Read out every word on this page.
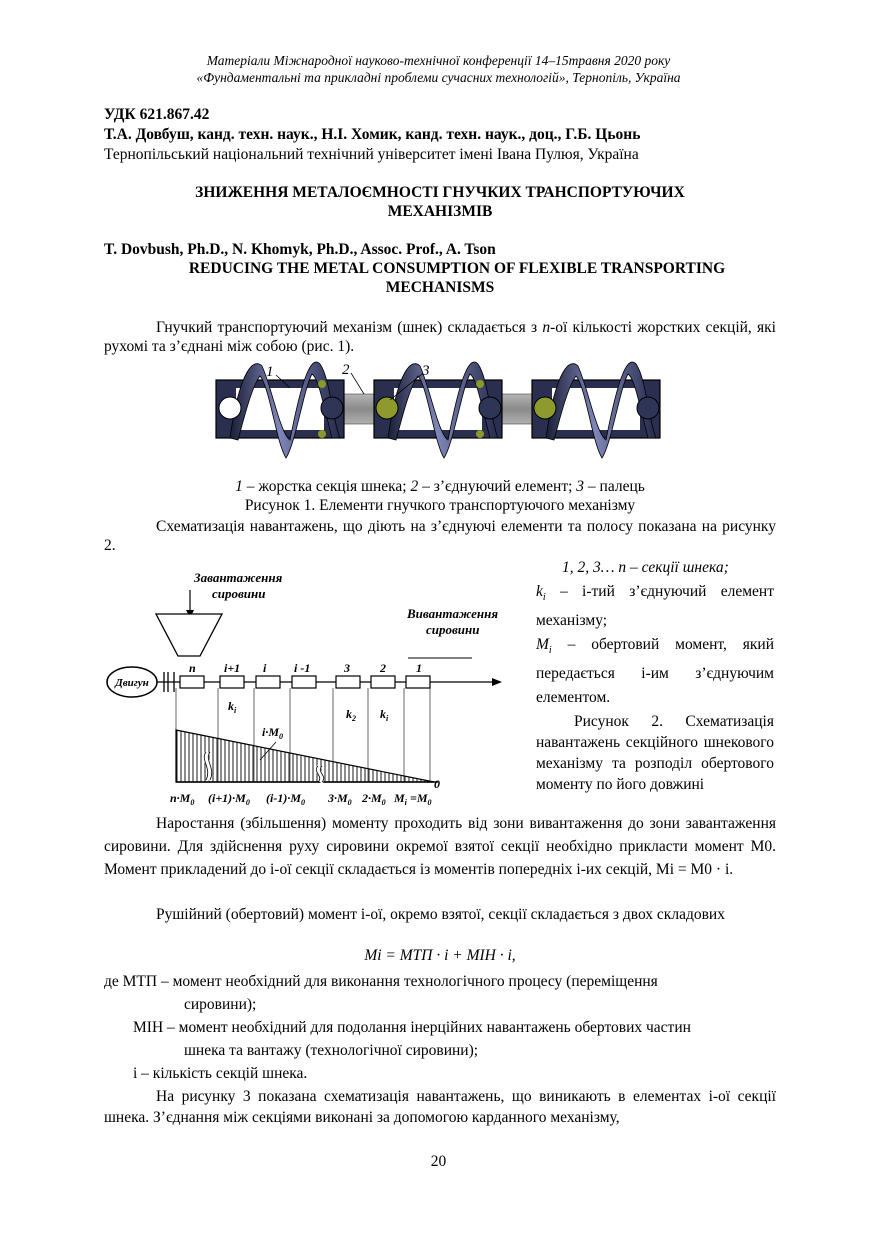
Матеріали Міжнародної науково-технічної конференції 14–15травня 2020 року
«Фундаментальні та прикладні проблеми сучасних технологій», Тернопіль, Україна
УДК 621.867.42
Т.А. Довбуш, канд. техн. наук., Н.І. Хомик, канд. техн. наук., доц., Г.Б. Цьонь
Тернопільський національний технічний університет імені Івана Пулюя, Україна
ЗНИЖЕННЯ МЕТАЛОЄМНОСТІ ГНУЧКИХ ТРАНСПОРТУЮЧИХ
МЕХАНІЗМІВ
T. Dovbush, Ph.D., N. Khomyk, Ph.D., Assoc. Prof., A. Tson
REDUCING THE METAL CONSUMPTION OF FLEXIBLE TRANSPORTING
MECHANISMS
Гнучкий транспортуючий механізм (шнек) складається з n-ої кількості жорстких секцій, які рухомі та з’єднані між собою (рис. 1).
1	2	3
1 – жорстка секція шнека; 2 – з’єднуючий елемент; 3 – палець
Рисунок 1. Елементи гнучкого транспортуючого механізму
Схематизація навантажень, що діють на з’єднуючі елементи та полосу показана на рисунку 2.
Завантаження
сировини
Вивантаження
сировини
Двигун
n i+1 i i -1	3	2	1
$k_i$	$k_2$ $k_i$
$i\cdot M_0$
0
$n\cdot M_0$ $(i+1)\cdot M_0$ $(i-1)\cdot M_0$ $3\cdot M_0$ $2\cdot M_0$ $M_i =M_0$
1, 2, 3… n – секції шнека;
$k_i - і-тий$ з’єднуючий елемент механізму;
$M_i$ – обертовий момент, який передається і-им з’єднуючим елементом.
Рисунок 2. Схематизація навантажень секційного шнекового механізму та розподіл обертового моменту по його довжині
Наростання (збільшення) моменту проходить від зони вивантаження до зони завантаження сировини. Для здійснення руху сировини окремої взятої секції необхідно прикласти момент M0. Момент прикладений до і-ої секції складається із моментів попередніх і-их секцій, Mi = M0 · i.
Рушійний (обертовий) момент і-ої, окремо взятої, секції складається з двох складових
Mi = MТП · i + MІН · i,
де MТП – момент необхідний для виконання технологічного процесу (переміщення
сировини);
MІН – момент необхідний для подолання інерційних навантажень обертових частин
шнека та вантажу (технологічної сировини);
i – кількість секцій шнека.
На рисунку 3 показана схематизація навантажень, що виникають в елементах і-ої секції шнека. З’єднання між секціями виконані за допомогою карданного механізму,
20
